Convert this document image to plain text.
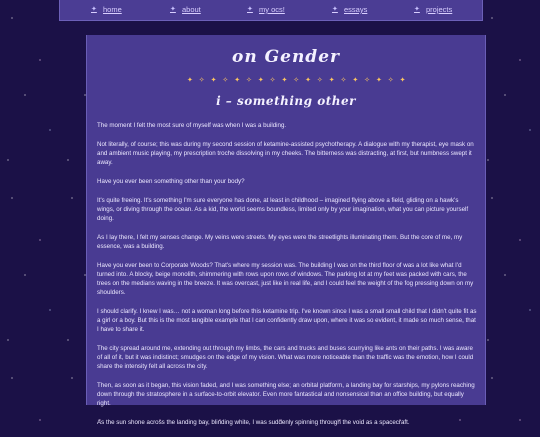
✦ home	✦ about	✦ my ocs!	✦ essays	✦ projects
on Gender
✦ ✧ ✦ ✧ ✦ ✧ ✦ ✧ ✦ ✧ ✦ ✧ ✦ ✧ ✦ ✧ ✦ ✧ ✦
i – something other

The moment I felt the most sure of myself was when I was a building.

Not literally, of course; this was during my second session of ketamine-assisted psychotherapy. A dialogue with my therapist, eye mask on and ambient music playing, my prescription troche dissolving in my cheeks. The bitterness was distracting, at first, but numbness swept it away.

Have you ever been something other than your body?

It's quite freeing. It's something I'm sure everyone has done, at least in childhood – imagined flying above a field, gliding on a hawk's wings, or diving through the ocean. As a kid, the world seems boundless, limited only by your imagination, what you can picture yourself doing.

As I lay there, I felt my senses change. My veins were streets. My eyes were the streetlights illuminating them. But the core of me, my essence, was a building.

Have you ever been to Corporate Woods? That's where my session was. The building I was on the third floor of was a lot like what I'd turned into. A blocky, beige monolith, shimmering with rows upon rows of windows. The parking lot at my feet was packed with cars, the trees on the medians waving in the breeze. It was overcast, just like in real life, and I could feel the weight of the fog pressing down on my shoulders.

I should clarify. I knew I was… not a woman long before this ketamine trip. I've known since I was a small small child that I didn't quite fit as a girl or a boy. But this is the most tangible example that I can confidently draw upon, where it was so evident, it made so much sense, that I have to share it.

The city spread around me, extending out through my limbs, the cars and trucks and buses scurrying like ants on their paths. I was aware of all of it, but it was indistinct; smudges on the edge of my vision. What was more noticeable than the traffic was the emotion, how I could share the intensity felt all across the city.

Then, as soon as it began, this vision faded, and I was something else; an orbital platform, a landing bay for starships, my pylons reaching down through the stratosphere in a surface-to-orbit elevator. Even more fantastical and nonsensical than an office building, but equally right.

As the sun shone across the landing bay, blinding white, I was suddenly spinning through the void as a spacecraft.
